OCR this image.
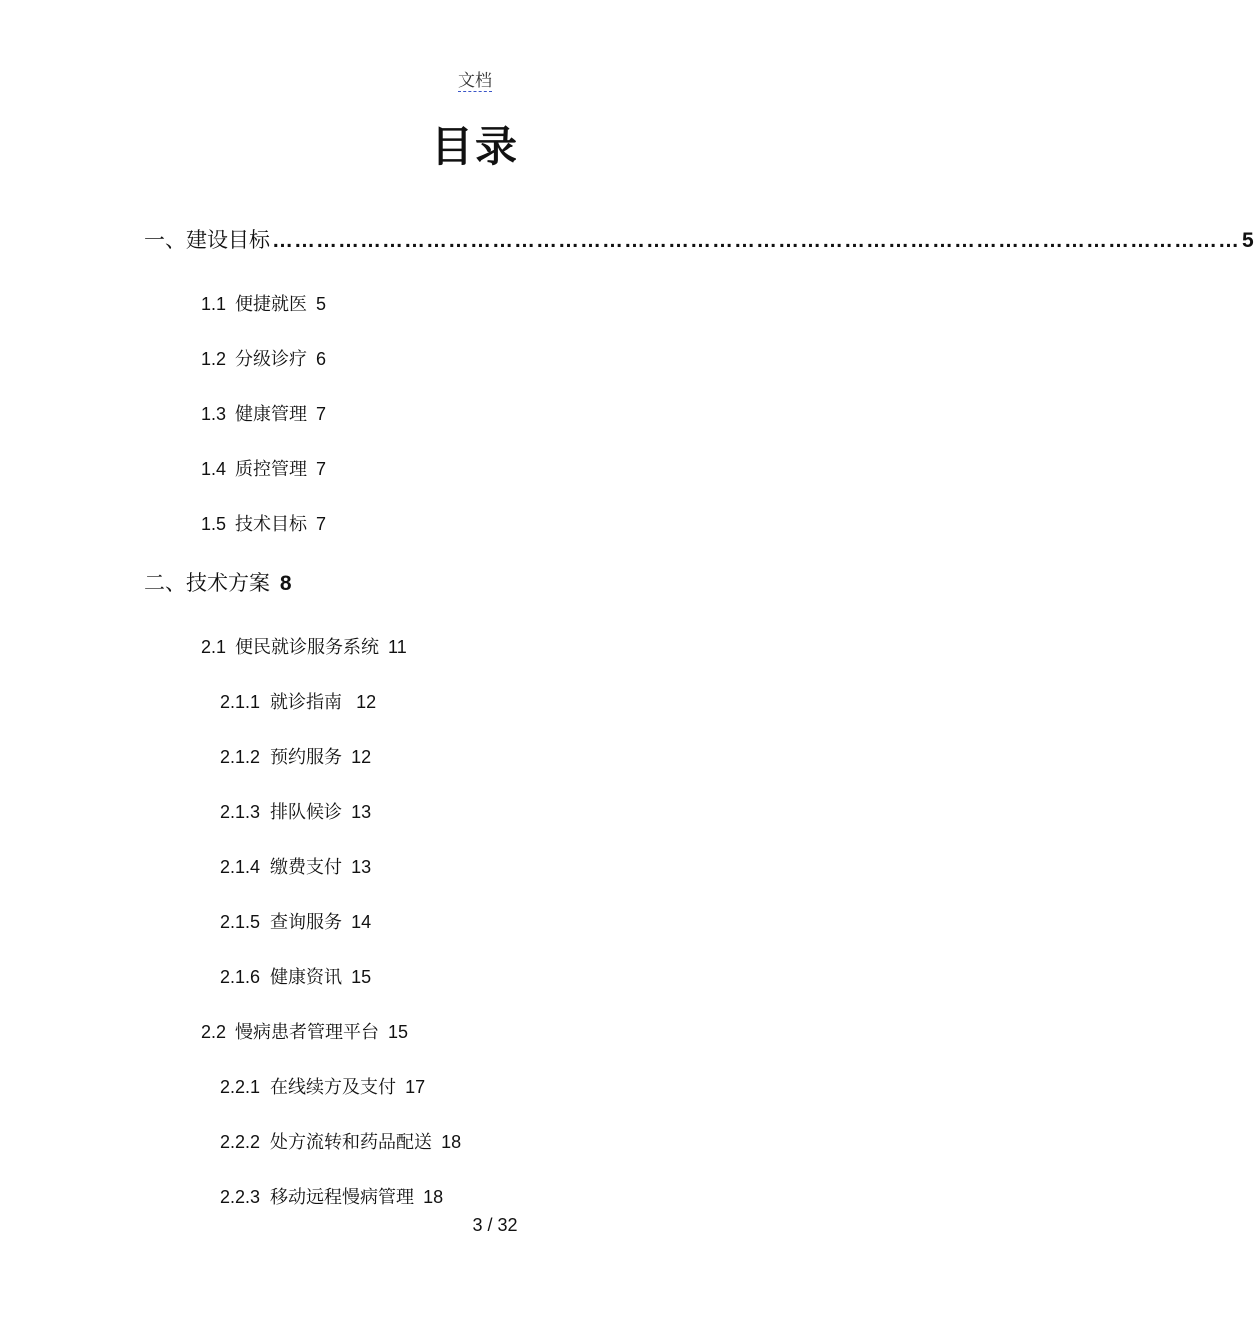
文档
目录
一、建设目标 …………………………………………………………………………………………………………………… 5
1.1 便捷就医 5
1.2 分级诊疗 6
1.3 健康管理 7
1.4 质控管理 7
1.5 技术目标 7
二、技术方案 8
2.1 便民就诊服务系统 11
2.1.1 就诊指南 12
2.1.2 预约服务 12
2.1.3 排队候诊 13
2.1.4 缴费支付 13
2.1.5 查询服务 14
2.1.6 健康资讯 15
2.2 慢病患者管理平台 15
2.2.1 在线续方及支付 17
2.2.2 处方流转和药品配送 18
2.2.3 移动远程慢病管理 18
3 / 32
